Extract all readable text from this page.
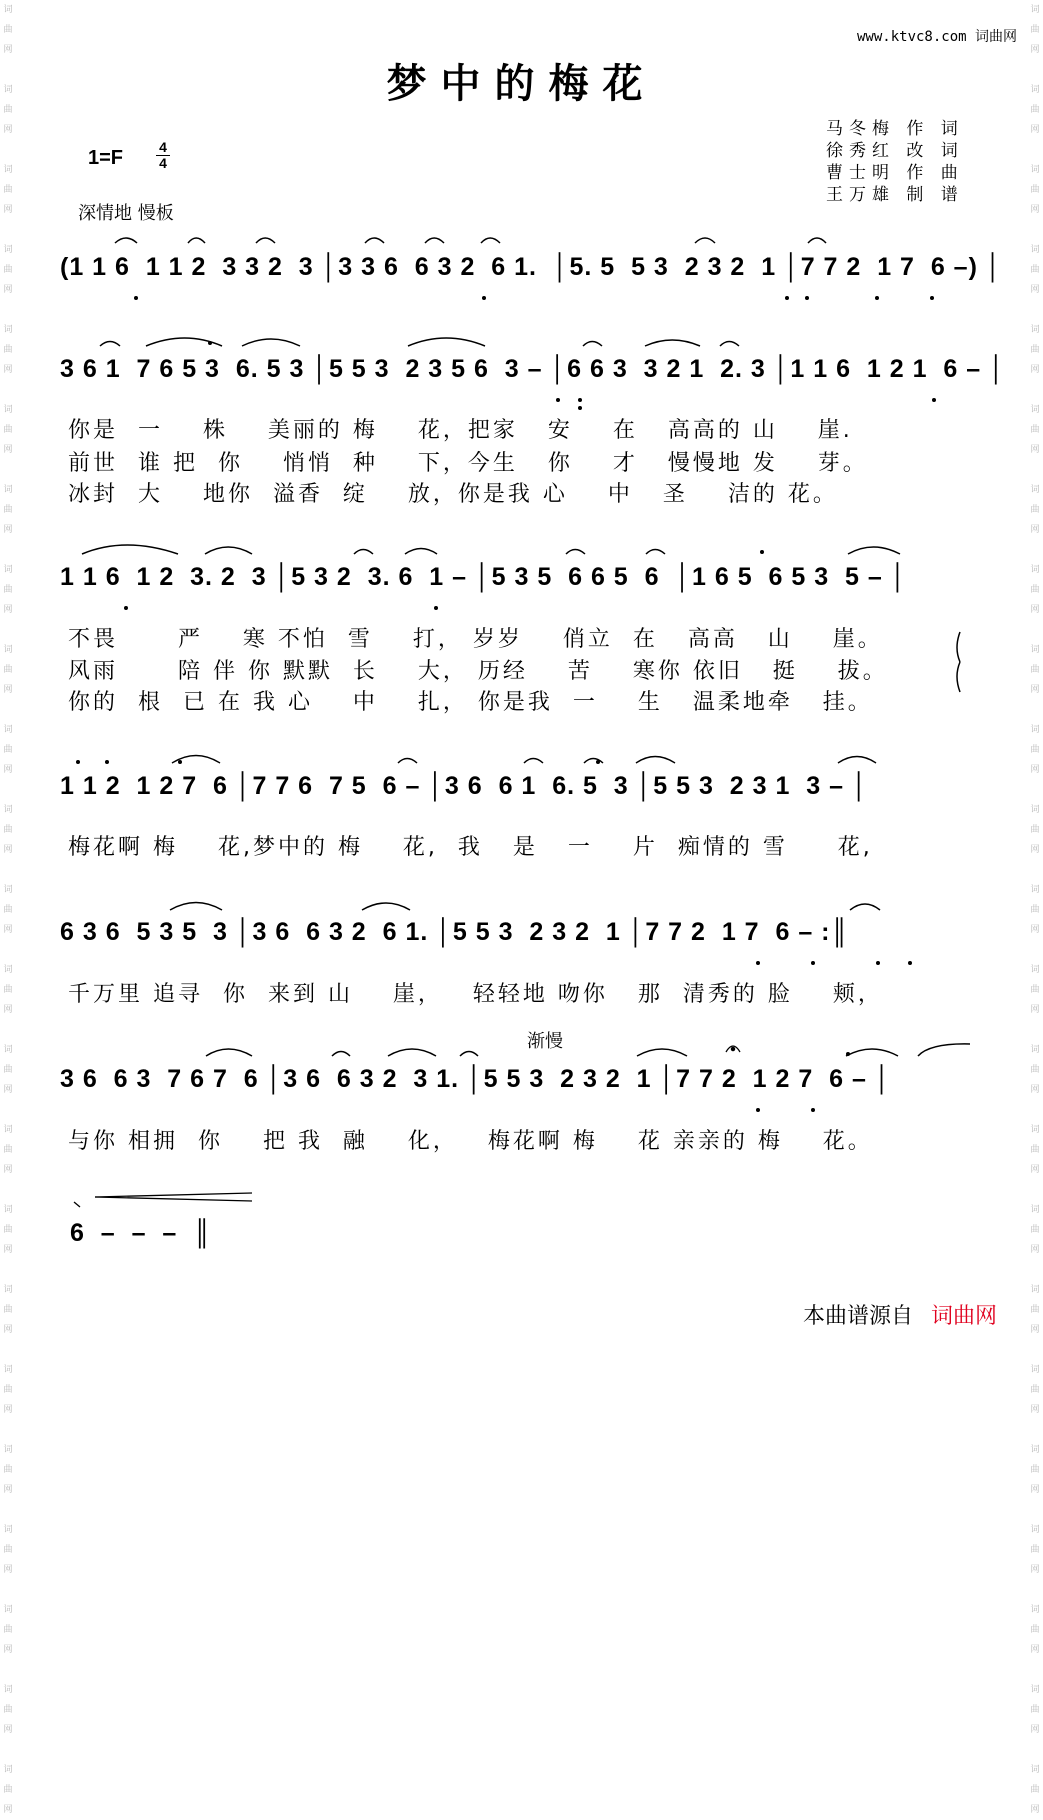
词
曲
网

词
曲
网

词
曲
网

词
曲
网

词
曲
网

词
曲
网

词
曲
网

词
曲
网

词
曲
网

词
曲
网

词
曲
网

词
曲
网

词
曲
网

词
曲
网

词
曲
网

词
曲
网

词
曲
网

词
曲
网

词
曲
网

词
曲
网

词
曲
网

词
曲
网

词
曲
网

词
曲
网

词
曲
网

词
曲
网

词
曲
网

词
曲
网

词
曲
网

词
曲
网

词
曲
网

词
曲
网

词
曲
网

词
曲
网

词
曲
网

词
曲
网

词
曲
网

词
曲
网

词
曲
网

词
曲
网

词
曲
网

词
曲
网

词
曲
网

词
曲
网

词
曲
网

词
曲
网

www.ktvc8.com 词曲网
梦中的梅花
1=F	4
4
深情地 慢板
马冬梅 作 词
徐秀红 改 词
曹士明 作 曲
王万雄 制 谱
(1 1 6  1 1 2  3 3 2  3 │3 3 6  6 3 2  6 1.  │5. 5  5 3  2 3 2  1 │7 7 2  1 7  6 –) │
3 6 1  7 6 5 3  6. 5 3 │5 5 3  2 3 5 6  3 – │6 6 3  3 2 1  2. 3 │1 1 6  1 2 1  6 – │
你是  一    株    美丽的 梅    花，把家   安    在   高高的 山    崖.
前世  谁 把  你    悄悄  种    下，今生   你    才   慢慢地 发    芽。
冰封  大    地你  溢香  绽    放，你是我 心    中   圣    洁的 花。
1 1 6  1 2  3. 2  3 │5 3 2  3. 6  1 – │5 3 5  6 6 5  6  │1 6 5  6 5 3  5 – │
不畏      严    寒 不怕  雪    打， 岁岁    俏立  在   高高   山    崖。
风雨      陪 伴 你 默默  长    大， 历经    苦    寒你 依旧   挺    拔。
你的  根  已 在 我 心    中    扎， 你是我  一    生   温柔地牵   挂。
1 1 2  1 2 7  6 │7 7 6  7 5  6 – │3 6  6 1  6. 5  3 │5 5 3  2 3 1  3 – │
梅花啊 梅    花,梦中的 梅    花,  我   是   一    片  痴情的 雪     花,
6 3 6  5 3 5  3 │3 6  6 3 2  6 1. │5 5 3  2 3 2  1 │7 7 2  1 7  6 – :║
千万里 追寻  你  来到 山    崖，   轻轻地 吻你   那  清秀的 脸    颊，
渐慢
3 6  6 3  7 6 7  6 │3 6  6 3 2  3 1. │5 5 3  2 3 2  1 │7 7 2  1 2 7  6 – │
与你 相拥  你    把 我  融    化，   梅花啊 梅    花 亲亲的 梅    花。
6  –  –  –  ║
本曲谱源自 词曲网
